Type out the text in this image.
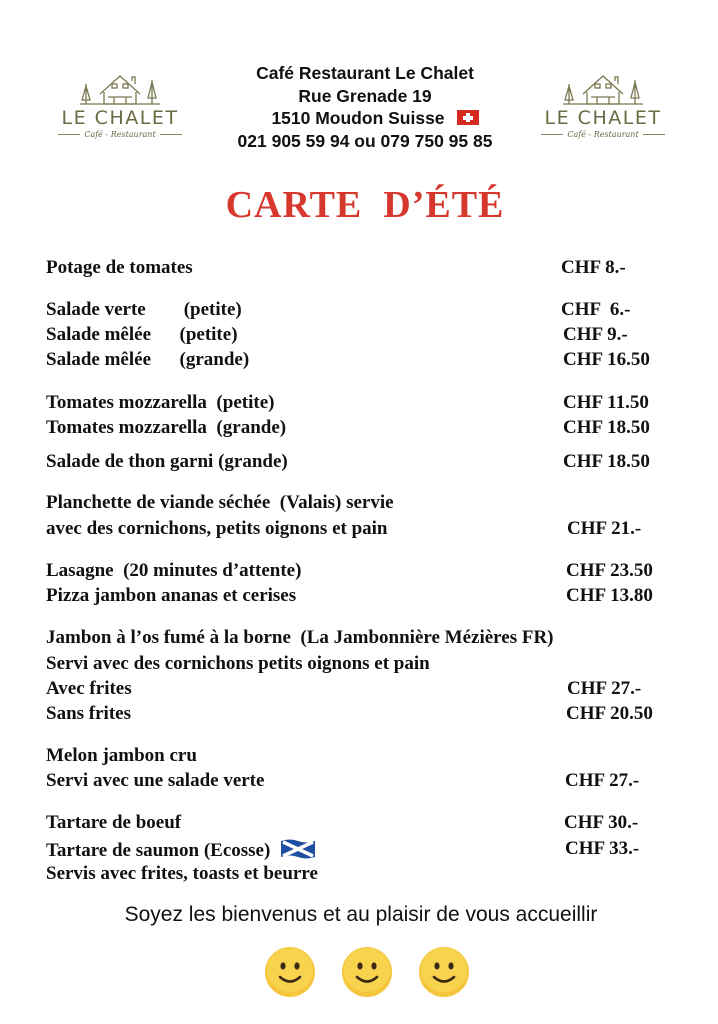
LE CHALET
Café - Restaurant
Café Restaurant Le Chalet
Rue Grenade 19
1510 Moudon Suisse
021 905 59 94 ou 079 750 95 85
LE CHALET
Café - Restaurant
CARTE  D’ÉTÉ
Potage de tomates
Salade verte        (petite)
Salade mêlée      (petite)
Salade mêlée      (grande)
Tomates mozzarella  (petite)
Tomates mozzarella  (grande)
Salade de thon garni (grande)
Planchette de viande séchée  (Valais) servie
avec des cornichons, petits oignons et pain
Lasagne  (20 minutes d’attente)
Pizza jambon ananas et cerises
Jambon à l’os fumé à la borne  (La Jambonnière Mézières FR)
Servi avec des cornichons petits oignons et pain
Avec frites
Sans frites
Melon jambon cru
Servi avec une salade verte
Tartare de boeuf
Tartare de saumon (Ecosse)
Servis avec frites, toasts et beurre
CHF 8.-
CHF  6.-
CHF 9.-
CHF 16.50
CHF 11.50
CHF 18.50
CHF 18.50
CHF 21.-
CHF 23.50
CHF 13.80
CHF 27.-
CHF 20.50
CHF 27.-
CHF 30.-
CHF 33.-
Soyez les bienvenus et au plaisir de vous accueillir
